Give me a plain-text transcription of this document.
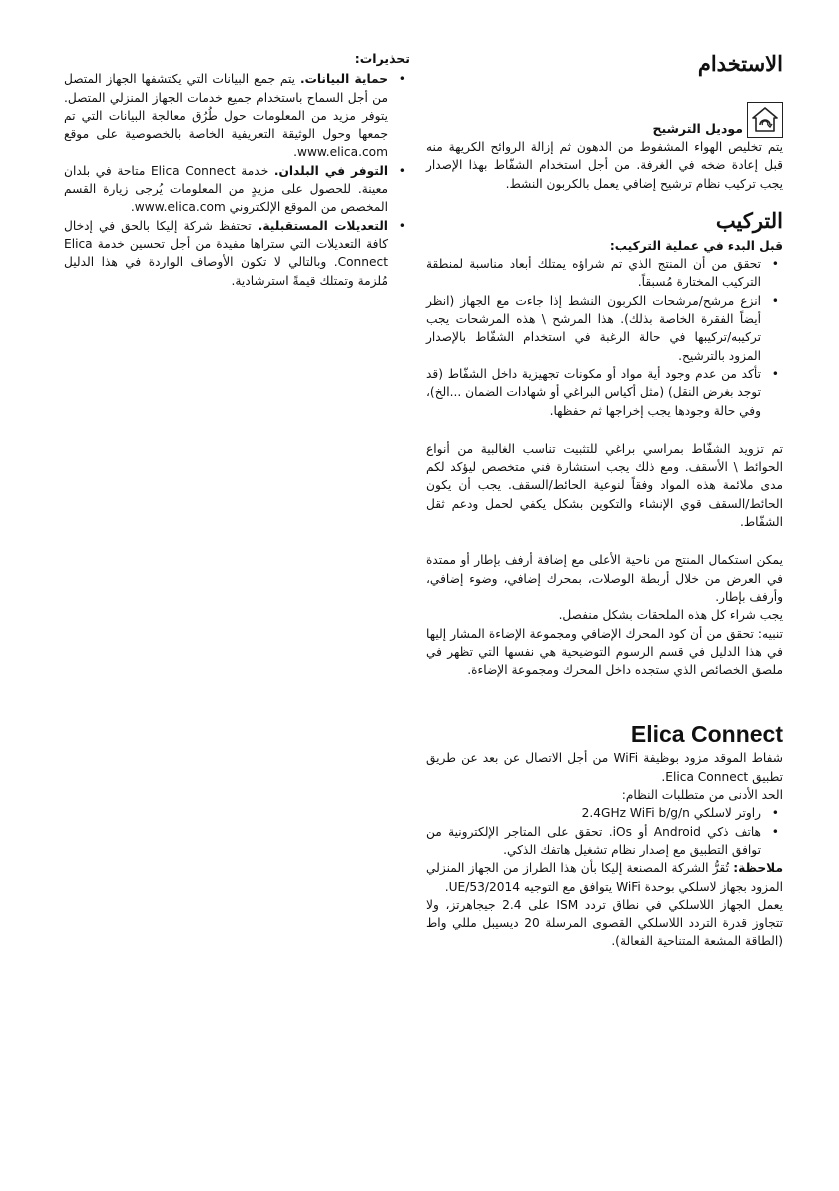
الاستخدام
موديل الترشيح

يتم تخليص الهواء المشفوط من الدهون ثم إزالة الروائح الكريهة منه قبل إعادة ضخه في الغرفة. من أجل استخدام الشفّاط بهذا الإصدار يجب تركيب نظام ترشيح إضافي يعمل بالكربون النشط.

التركيب

قبل البدء في عملية التركيب:

• تحقق من أن المنتج الذي تم شراؤه يمتلك أبعاد مناسبة لمنطقة التركيب المختارة مُسبقاً.
• انزع مرشح/مرشحات الكربون النشط إذا جاءت مع الجهاز (انظر أيضاً الفقرة الخاصة بذلك). هذا المرشح \ هذه المرشحات يجب تركيبه/تركيبها في حالة الرغبة في استخدام الشفّاط بالإصدار المزود بالترشيح.
• تأكد من عدم وجود أية مواد أو مكونات تجهيزية داخل الشفّاط (قد توجد بغرض النقل) (مثل أكياس البراغي أو شهادات الضمان ...الخ)، وفي حالة وجودها يجب إخراجها ثم حفظها.

تم تزويد الشفّاط بمراسي براغي للتثبيت تناسب الغالبية من أنواع الحوائط \ الأسقف. ومع ذلك يجب استشارة فني متخصص ليؤكد لكم مدى ملائمة هذه المواد وفقاً لنوعية الحائط/السقف. يجب أن يكون الحائط/السقف قوي الإنشاء والتكوين بشكل يكفي لحمل ودعم ثقل الشفّاط.

يمكن استكمال المنتج من ناحية الأعلى مع إضافة أرفف بإطار أو ممتدة في العرض من خلال أربطة الوصلات، بمحرك إضافي، وضوء إضافي، وأرفف بإطار.

يجب شراء كل هذه الملحقات بشكل منفصل.

تنبيه: تحقق من أن كود المحرك الإضافي ومجموعة الإضاءة المشار إليها في هذا الدليل في قسم الرسوم التوضيحية هي نفسها التي تظهر في ملصق الخصائص الذي ستجده داخل المحرك ومجموعة الإضاءة.

Elica Connect

شفاط الموقد مزود بوظيفة WiFi من أجل الاتصال عن بعد عن طريق تطبيق Elica Connect.

الحد الأدنى من متطلبات النظام:

• راوتر لاسلكي 2.4GHz WiFi b/g/n
• هاتف ذكي Android أو iOs. تحقق على المتاجر الإلكترونية من توافق التطبيق مع إصدار نظام تشغيل هاتفك الذكي.

ملاحظة: تُقرُّ الشركة المصنعة إليكا بأن هذا الطراز من الجهاز المنزلي المزود بجهاز لاسلكي بوحدة WiFi يتوافق مع التوجيه UE/53/2014.

يعمل الجهاز اللاسلكي في نطاق تردد ISM على 2.4 جيجاهرتز، ولا تتجاوز قدرة التردد اللاسلكي القصوى المرسلة 20 ديسيبل مللي واط (الطاقة المشعة المتناحية الفعالة).

تحذيرات:

• حماية البيانات. يتم جمع البيانات التي يكتشفها الجهاز المتصل من أجل السماح باستخدام جميع خدمات الجهاز المنزلي المتصل. يتوفر مزيد من المعلومات حول طُرُق معالجة البيانات التي تم جمعها وحول الوثيقة التعريفية الخاصة بالخصوصية على موقع www.elica.com.
• التوفر في البلدان. خدمة Elica Connect متاحة في بلدان معينة. للحصول على مزيدٍ من المعلومات يُرجى زيارة القسم المخصص من الموقع الإلكتروني www.elica.com.
• التعديلات المستقبلية. تحتفظ شركة إليكا بالحق في إدخال كافة التعديلات التي ستراها مفيدة من أجل تحسين خدمة Elica Connect. وبالتالي لا تكون الأوصاف الواردة في هذا الدليل مُلزمة وتمتلك قيمةً استرشادية.
